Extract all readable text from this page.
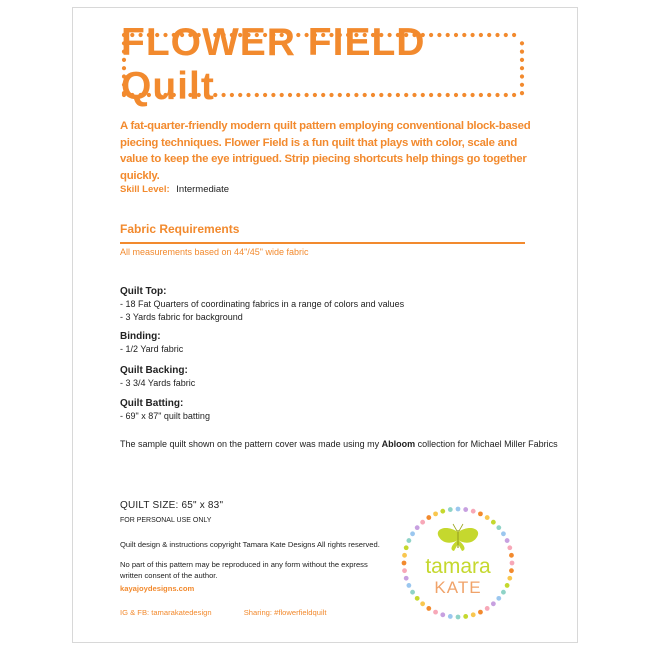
FLOWER FIELD Quilt
A fat-quarter-friendly modern quilt pattern employing conventional block-based piecing techniques. Flower Field is a fun quilt that plays with color, scale and value to keep the eye intrigued. Strip piecing shortcuts help things go together quickly.
Skill Level: Intermediate
Fabric Requirements
All measurements based on 44"/45" wide fabric
Quilt Top:
- 18 Fat Quarters of coordinating fabrics in a range of colors and values
- 3 Yards fabric for background
Binding:
- 1/2 Yard fabric
Quilt Backing:
- 3 3/4 Yards fabric
Quilt Batting:
- 69" x 87" quilt batting
The sample quilt shown on the pattern cover was made using my Abloom collection for Michael Miller Fabrics
QUILT SIZE: 65" x 83"
FOR PERSONAL USE ONLY
Quilt design & instructions copyright Tamara Kate Designs All rights reserved.
No part of this pattern may be reproduced in any form without the express written consent of the author.
kayajoydesigns.com
IG & FB: tamarakatedesign	Sharing: #flowerfieldquilt
tamara
KATE
